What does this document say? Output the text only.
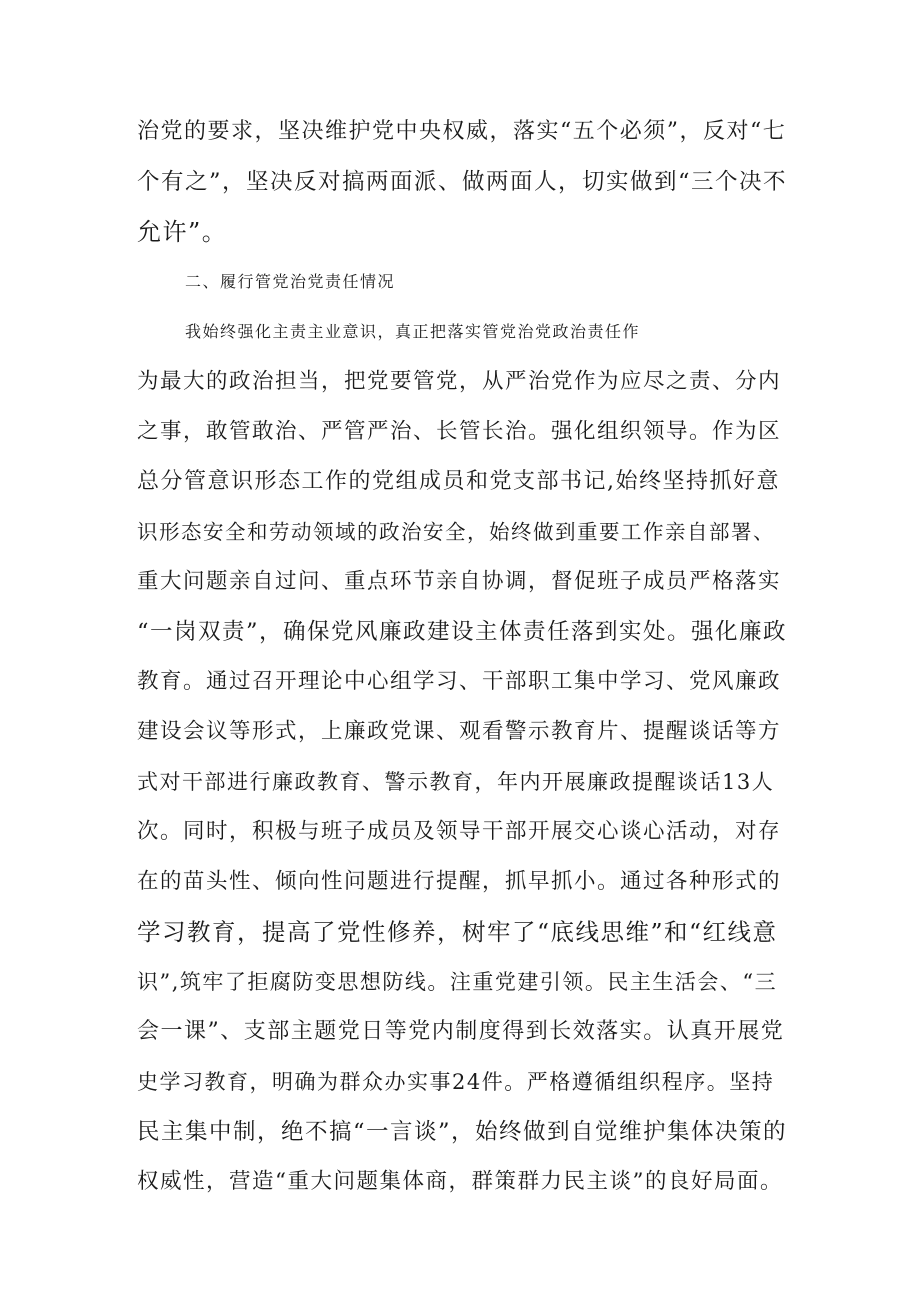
治党的要求，坚决维护党中央权威，落实“五个必须”，反对“七
个有之”，坚决反对搞两面派、做两面人，切实做到“三个决不
允许”。
二、履行管党治党责任情况
我始终强化主责主业意识，真正把落实管党治党政治责任作
为最大的政治担当，把党要管党，从严治党作为应尽之责、分内
之事，敢管敢治、严管严治、长管长治。强化组织领导。作为区
总分管意识形态工作的党组成员和党支部书记,始终坚持抓好意
识形态安全和劳动领域的政治安全，始终做到重要工作亲自部署、
重大问题亲自过问、重点环节亲自协调，督促班子成员严格落实
“一岗双责”，确保党风廉政建设主体责任落到实处。强化廉政
教育。通过召开理论中心组学习、干部职工集中学习、党风廉政
建设会议等形式，上廉政党课、观看警示教育片、提醒谈话等方
式对干部进行廉政教育、警示教育，年内开展廉政提醒谈话13人
次。同时，积极与班子成员及领导干部开展交心谈心活动，对存
在的苗头性、倾向性问题进行提醒，抓早抓小。通过各种形式的
学习教育，提高了党性修养，树牢了“底线思维”和“红线意
识”,筑牢了拒腐防变思想防线。注重党建引领。民主生活会、“三
会一课”、支部主题党日等党内制度得到长效落实。认真开展党
史学习教育，明确为群众办实事24件。严格遵循组织程序。坚持
民主集中制，绝不搞“一言谈”，始终做到自觉维护集体决策的
权威性，营造“重大问题集体商，群策群力民主谈”的良好局面。
